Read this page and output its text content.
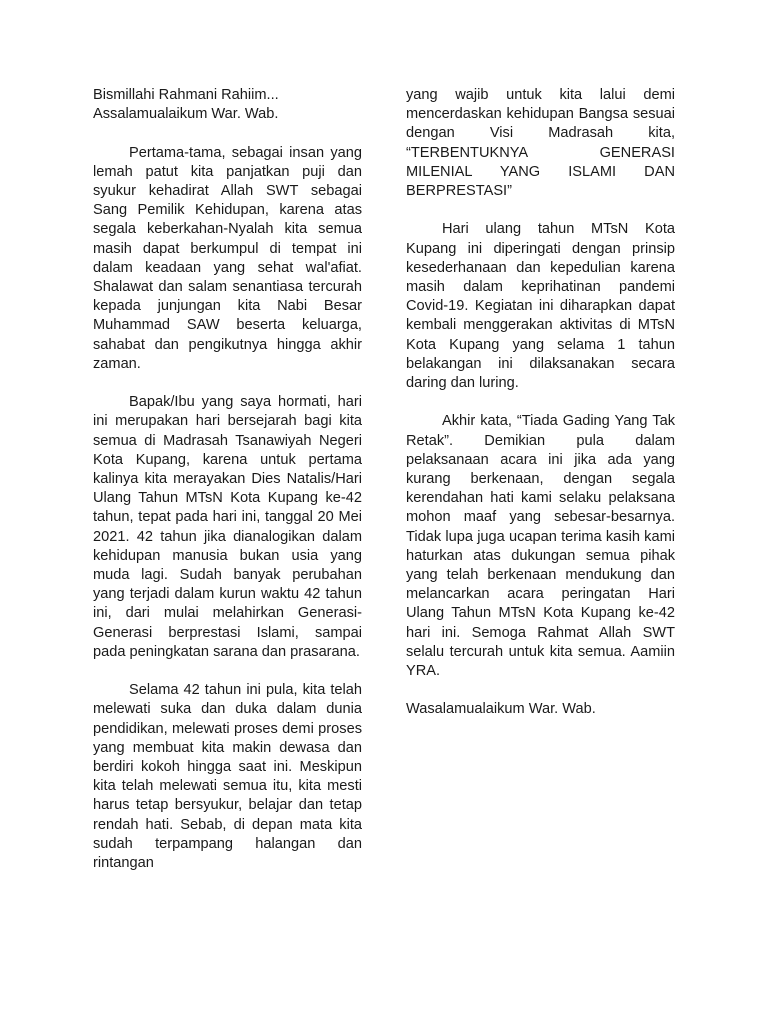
Bismillahi Rahmani Rahiim...

Assalamualaikum War. Wab.

Pertama-tama, sebagai insan yang lemah patut kita panjatkan puji dan syukur kehadirat Allah SWT sebagai Sang Pemilik Kehidupan, karena atas segala keberkahan-Nyalah kita semua masih dapat berkumpul di tempat ini dalam keadaan yang sehat wal'afiat. Shalawat dan salam senantiasa tercurah kepada junjungan kita Nabi Besar Muhammad SAW beserta keluarga, sahabat dan pengikutnya hingga akhir zaman.

Bapak/Ibu yang saya hormati, hari ini merupakan hari bersejarah bagi kita semua di Madrasah Tsanawiyah Negeri Kota Kupang, karena untuk pertama kalinya kita merayakan Dies Natalis/Hari Ulang Tahun MTsN Kota Kupang ke-42 tahun, tepat pada hari ini, tanggal 20 Mei 2021. 42 tahun jika dianalogikan dalam kehidupan manusia bukan usia yang muda lagi. Sudah banyak perubahan yang terjadi dalam kurun waktu 42 tahun ini, dari mulai melahirkan Generasi-Generasi berprestasi Islami, sampai pada peningkatan sarana dan prasarana.

Selama 42 tahun ini pula, kita telah melewati suka dan duka dalam dunia pendidikan, melewati proses demi proses yang membuat kita makin dewasa dan berdiri kokoh hingga saat ini. Meskipun kita telah melewati semua itu, kita mesti harus tetap bersyukur, belajar dan tetap rendah hati. Sebab, di depan mata kita sudah terpampang halangan dan rintangan

yang wajib untuk kita lalui demi mencerdaskan kehidupan Bangsa sesuai dengan Visi Madrasah kita, “TERBENTUKNYA GENERASI MILENIAL YANG ISLAMI DAN BERPRESTASI”

Hari ulang tahun MTsN Kota Kupang ini diperingati dengan prinsip kesederhanaan dan kepedulian karena masih dalam keprihatinan pandemi Covid-19. Kegiatan ini diharapkan dapat kembali menggerakan aktivitas di MTsN Kota Kupang yang selama 1 tahun belakangan ini dilaksanakan secara daring dan luring.

Akhir kata, “Tiada Gading Yang Tak Retak”. Demikian pula dalam pelaksanaan acara ini jika ada yang kurang berkenaan, dengan segala kerendahan hati kami selaku pelaksana mohon maaf yang sebesar-besarnya. Tidak lupa juga ucapan terima kasih kami haturkan atas dukungan semua pihak yang telah berkenaan mendukung dan melancarkan acara peringatan Hari Ulang Tahun MTsN Kota Kupang ke-42 hari ini. Semoga Rahmat Allah SWT selalu tercurah untuk kita semua. Aamiin YRA.

Wasalamualaikum War. Wab.
